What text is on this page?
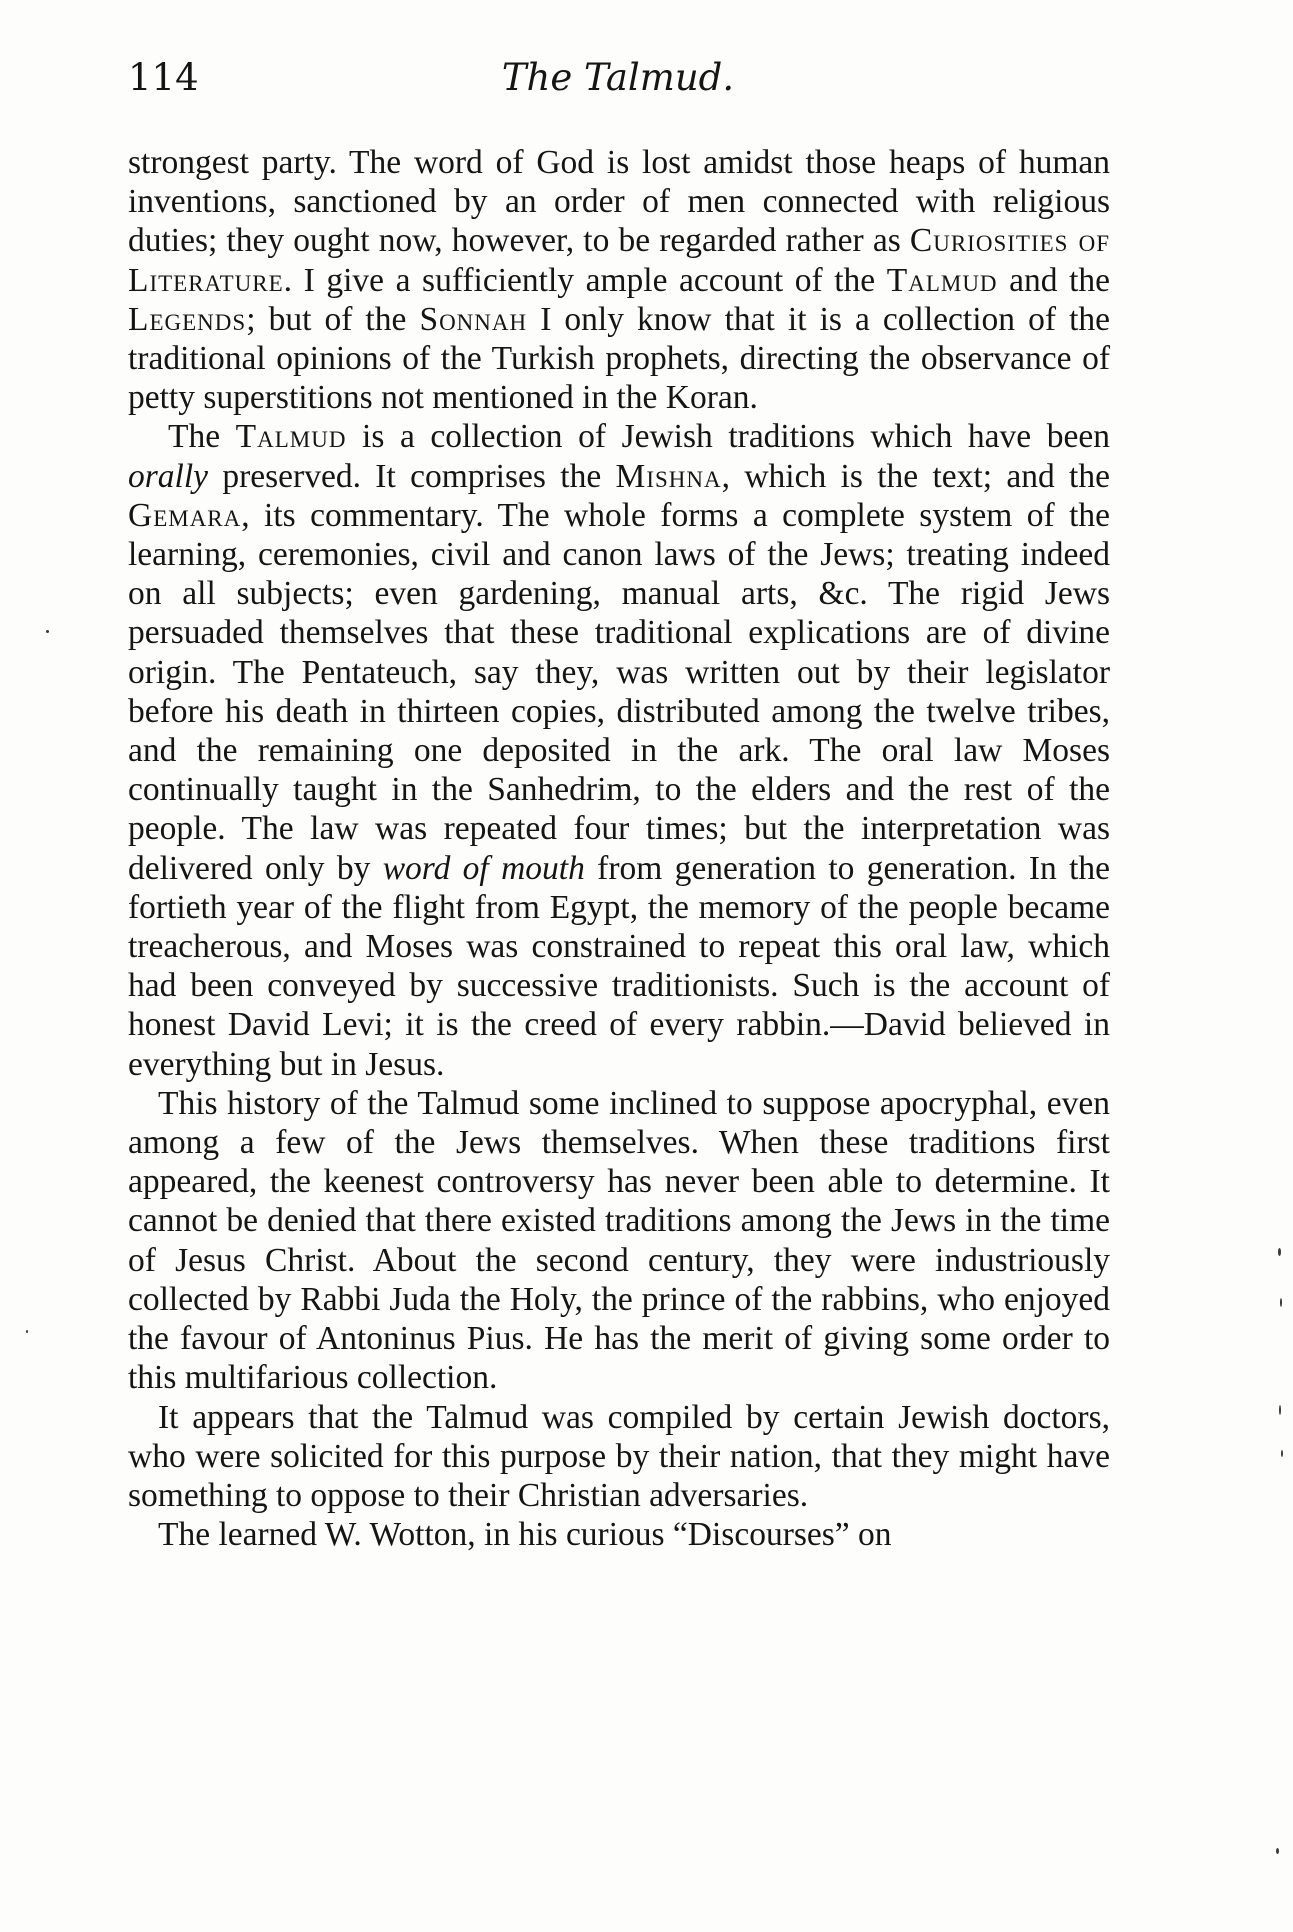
114	The Talmud.

strongest party. The word of God is lost amidst those heaps of human inventions, sanctioned by an order of men connected with religious duties; they ought now, however, to be regarded rather as Curiosities of Literature. I give a sufficiently ample account of the Talmud and the Legends; but of the Sonnah I only know that it is a collection of the traditional opinions of the Turkish prophets, directing the observance of petty superstitions not mentioned in the Koran.

The Talmud is a collection of Jewish traditions which have been orally preserved. It comprises the Mishna, which is the text; and the Gemara, its commentary. The whole forms a complete system of the learning, ceremonies, civil and canon laws of the Jews; treating indeed on all subjects; even gardening, manual arts, &c. The rigid Jews persuaded themselves that these traditional explications are of divine origin. The Pentateuch, say they, was written out by their legislator before his death in thirteen copies, distributed among the twelve tribes, and the remaining one deposited in the ark. The oral law Moses continually taught in the Sanhedrim, to the elders and the rest of the people. The law was repeated four times; but the interpretation was delivered only by word of mouth from generation to generation. In the fortieth year of the flight from Egypt, the memory of the people became treacherous, and Moses was constrained to repeat this oral law, which had been conveyed by successive traditionists. Such is the account of honest David Levi; it is the creed of every rabbin.—David believed in everything but in Jesus.

This history of the Talmud some inclined to suppose apocryphal, even among a few of the Jews themselves. When these traditions first appeared, the keenest controversy has never been able to determine. It cannot be denied that there existed traditions among the Jews in the time of Jesus Christ. About the second century, they were industriously collected by Rabbi Juda the Holy, the prince of the rabbins, who enjoyed the favour of Antoninus Pius. He has the merit of giving some order to this multifarious collection.

It appears that the Talmud was compiled by certain Jewish doctors, who were solicited for this purpose by their nation, that they might have something to oppose to their Christian adversaries.

The learned W. Wotton, in his curious “Discourses” on
